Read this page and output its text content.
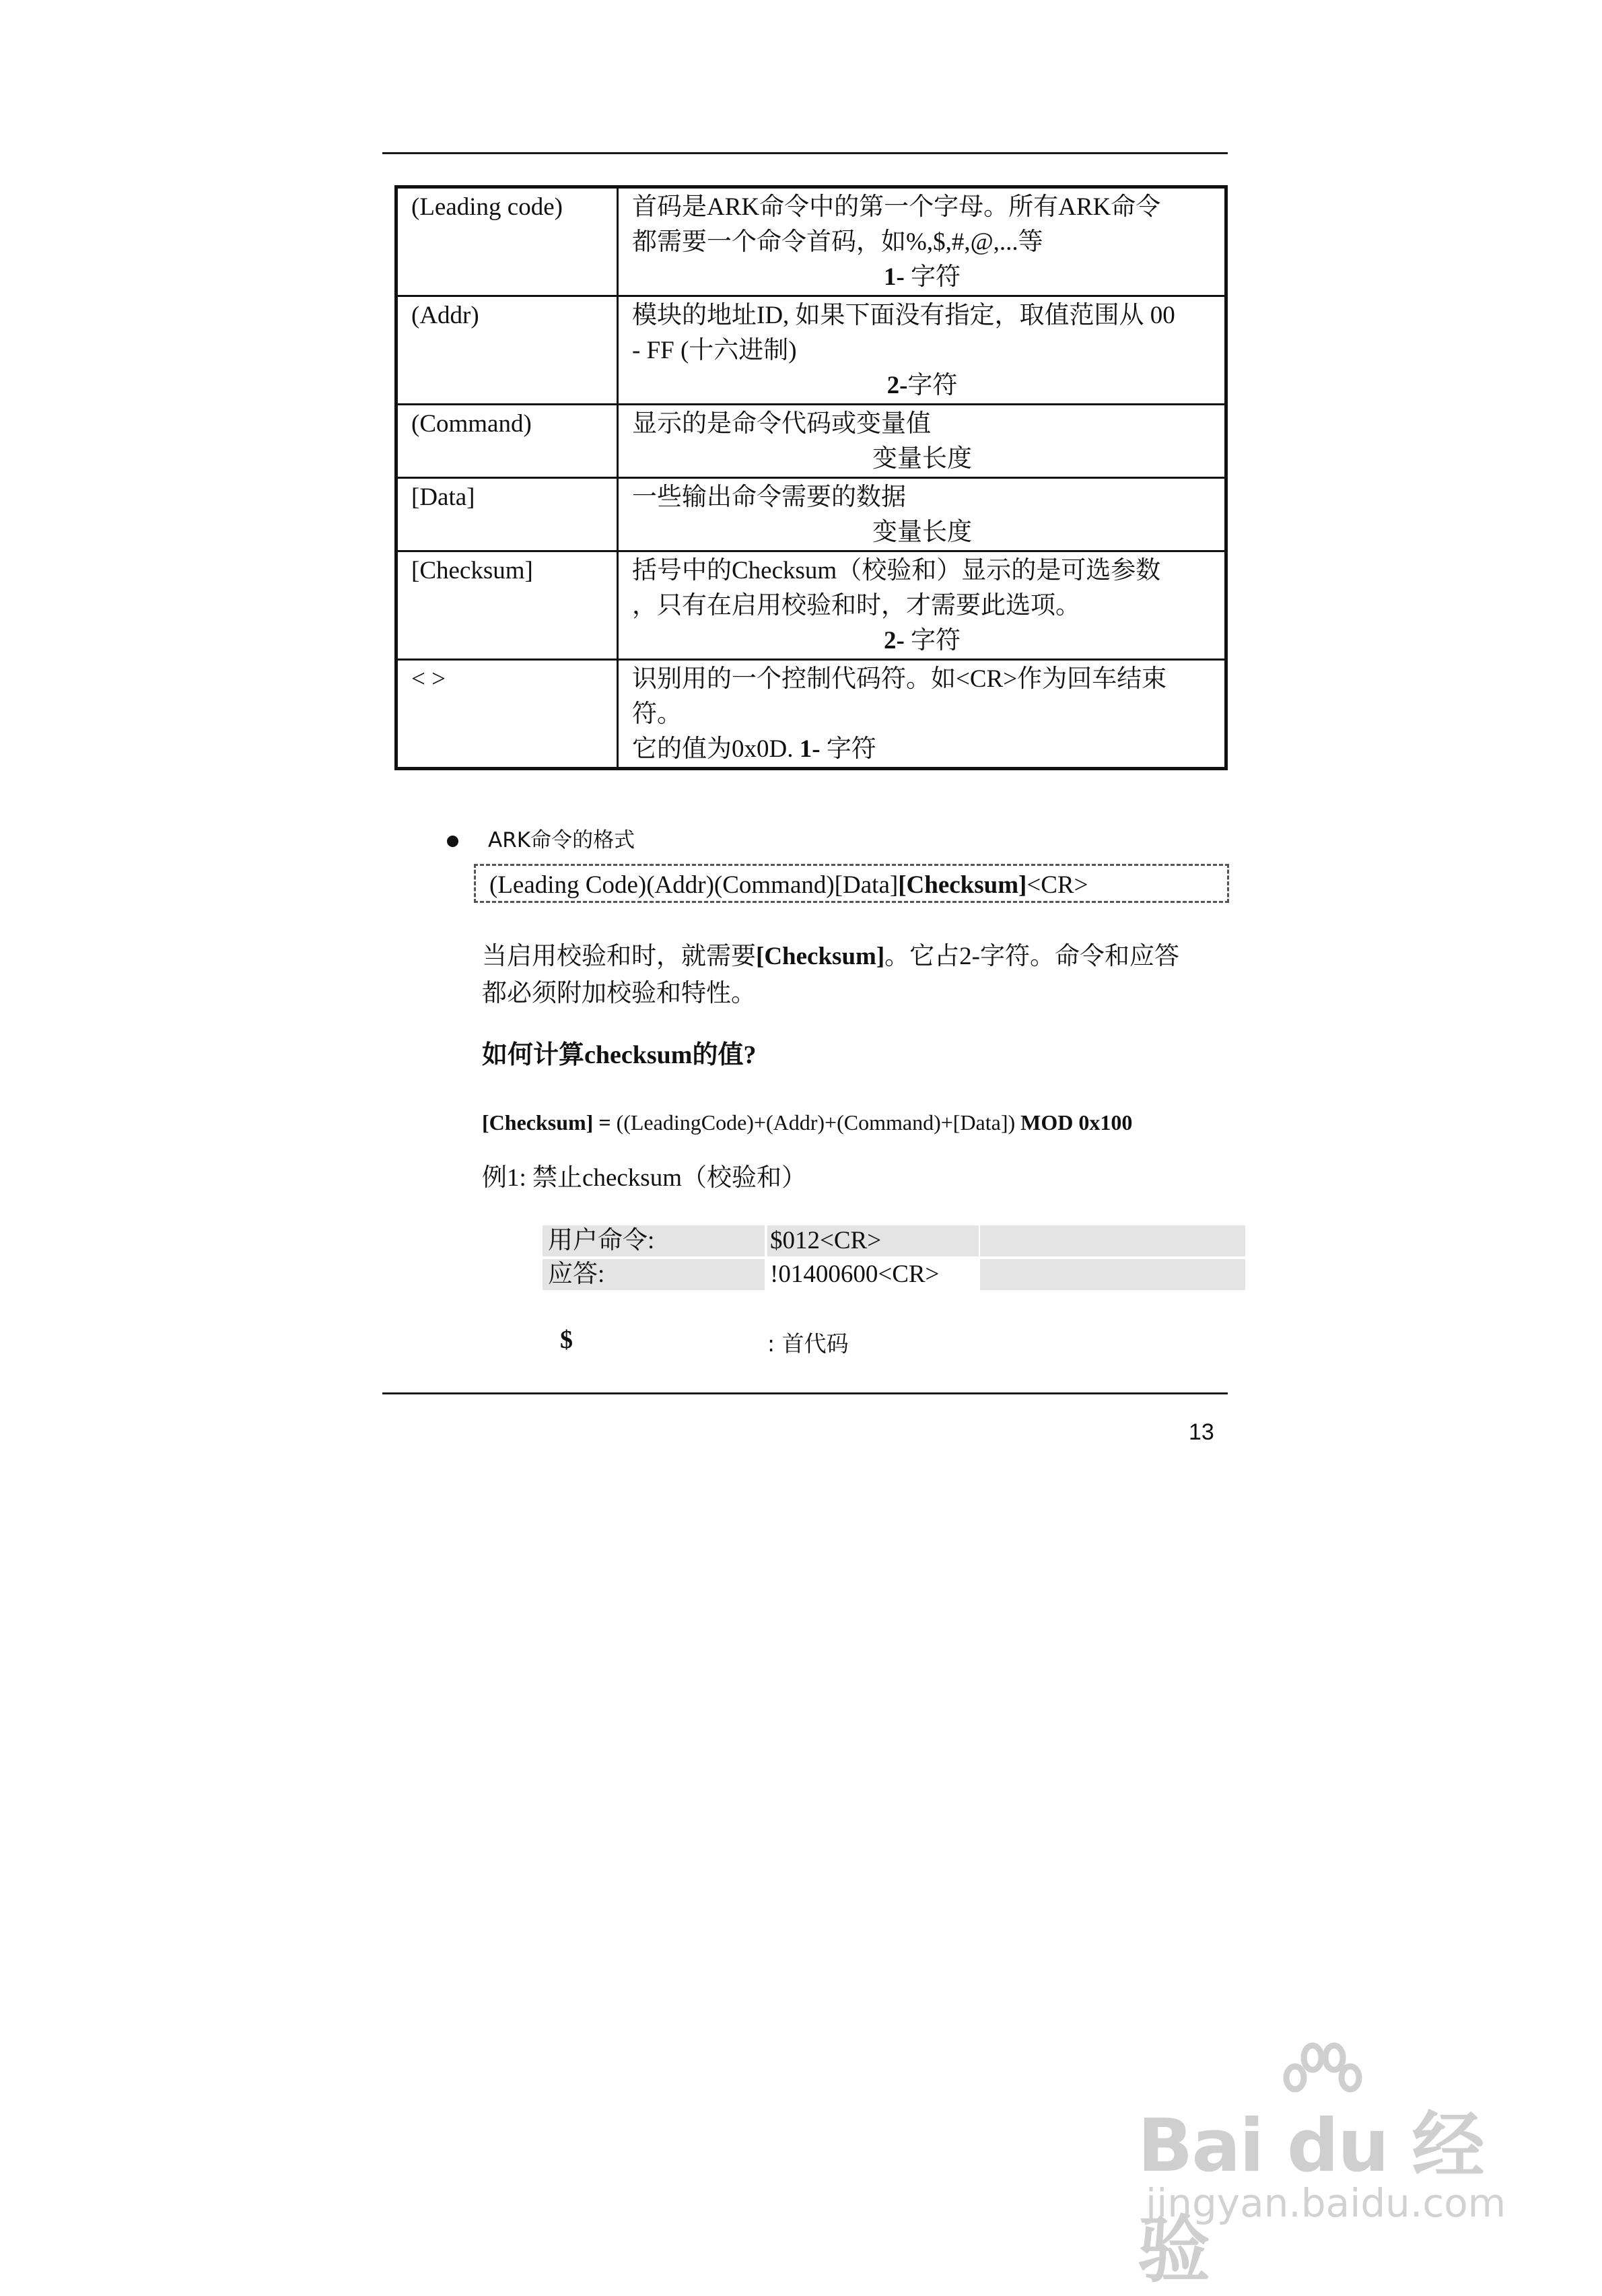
(Leading code)	首码是ARK命令中的第一个字母。所有ARK命令
都需要一个命令首码，如%,$,#,@,...等
1- 字符

(Addr)	模块的地址ID, 如果下面没有指定，取值范围从 00
- FF (十六进制)
2-字符

(Command)	显示的是命令代码或变量值
变量长度

[Data]	一些输出命令需要的数据
变量长度

[Checksum]	括号中的Checksum（校验和）显示的是可选参数
，只有在启用校验和时，才需要此选项。
2- 字符

< >	识别用的一个控制代码符。如<CR>作为回车结束
符。
它的值为0x0D. 1- 字符
ARK命令的格式
(Leading Code)(Addr)(Command)[Data][Checksum]<CR>
当启用校验和时，就需要[Checksum]。它占2-字符。命令和应答
都必须附加校验和特性。
如何计算checksum的值?
[Checksum] = ((LeadingCode)+(Addr)+(Command)+[Data]) MOD 0x100
例1: 禁止checksum（校验和）
用户命令:	$012<CR>
应答:	!01400600<CR>
$	: 首代码
13
Bai du 经验
jingyan.baidu.com
